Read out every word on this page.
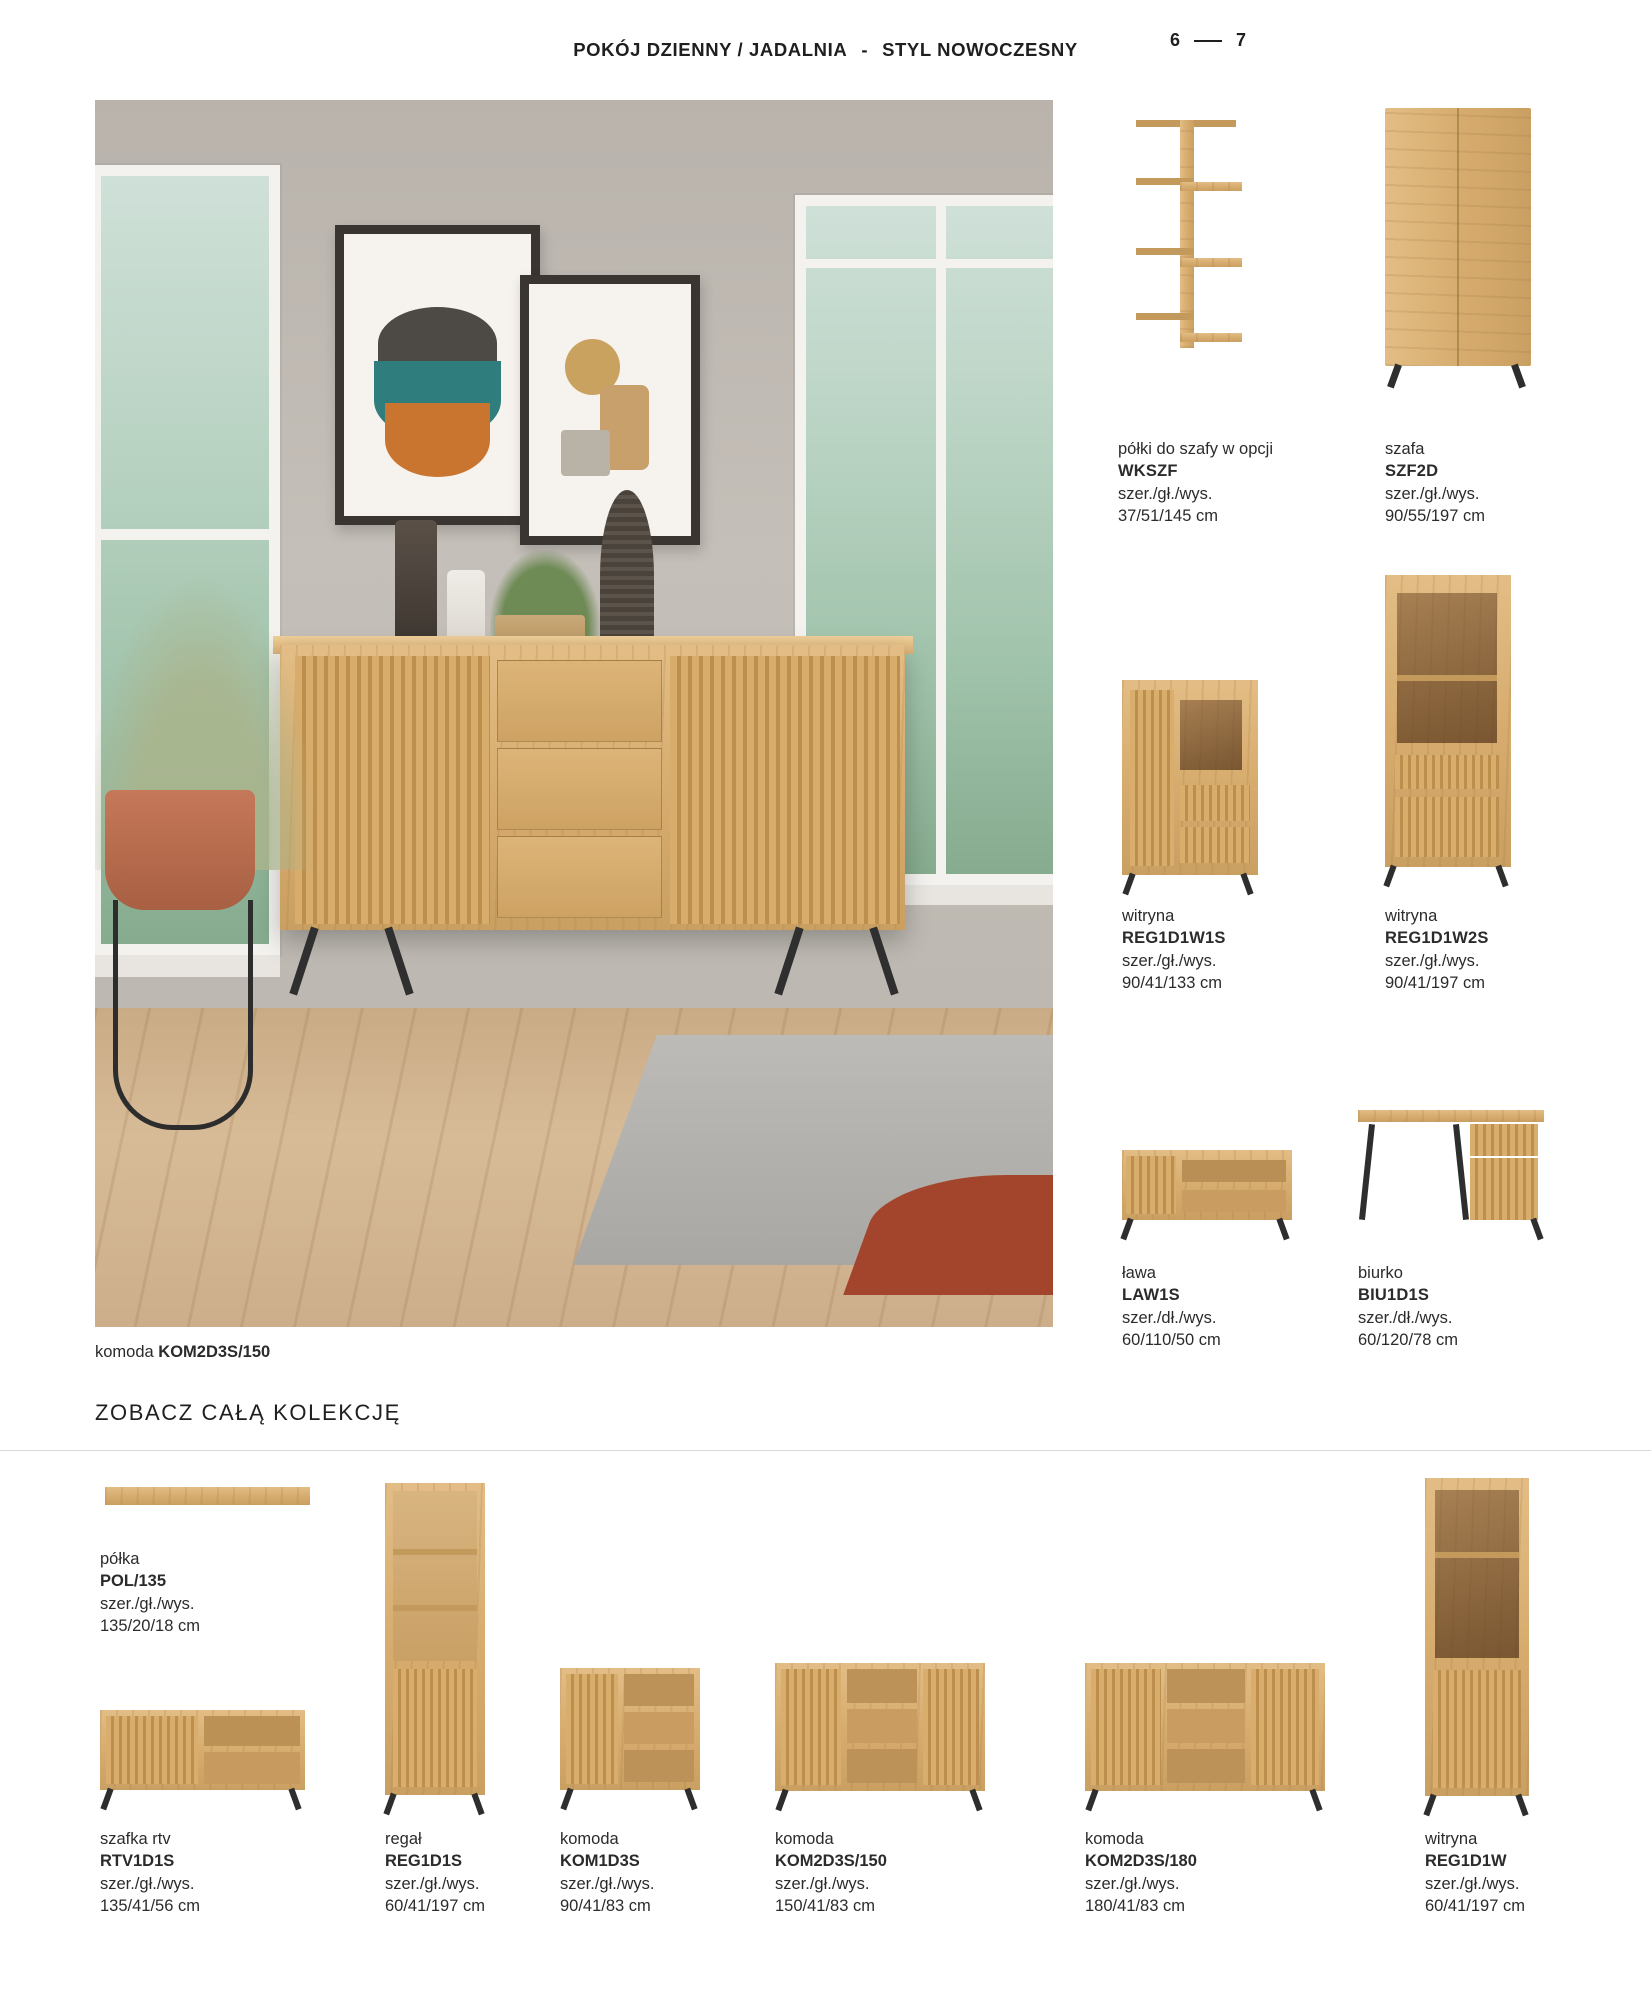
POKÓJ DZIENNY / JADALNIA - STYL NOWOCZESNY	6	7
komoda KOM2D3S/150
półki do szafy w opcji
WKSZF
szer./gł./wys.
37/51/145 cm
szafa
SZF2D
szer./gł./wys.
90/55/197 cm
witryna
REG1D1W1S
szer./gł./wys.
90/41/133 cm
witryna
REG1D1W2S
szer./gł./wys.
90/41/197 cm
ława
LAW1S
szer./dł./wys.
60/110/50 cm
biurko
BIU1D1S
szer./dł./wys.
60/120/78 cm
ZOBACZ CAŁĄ KOLEKCJĘ
półka
POL/135
szer./gł./wys.
135/20/18 cm
szafka rtv
RTV1D1S
szer./gł./wys.
135/41/56 cm
regał
REG1D1S
szer./gł./wys.
60/41/197 cm
komoda
KOM1D3S
szer./gł./wys.
90/41/83 cm
komoda
KOM2D3S/150
szer./gł./wys.
150/41/83 cm
komoda
KOM2D3S/180
szer./gł./wys.
180/41/83 cm
witryna
REG1D1W
szer./gł./wys.
60/41/197 cm
